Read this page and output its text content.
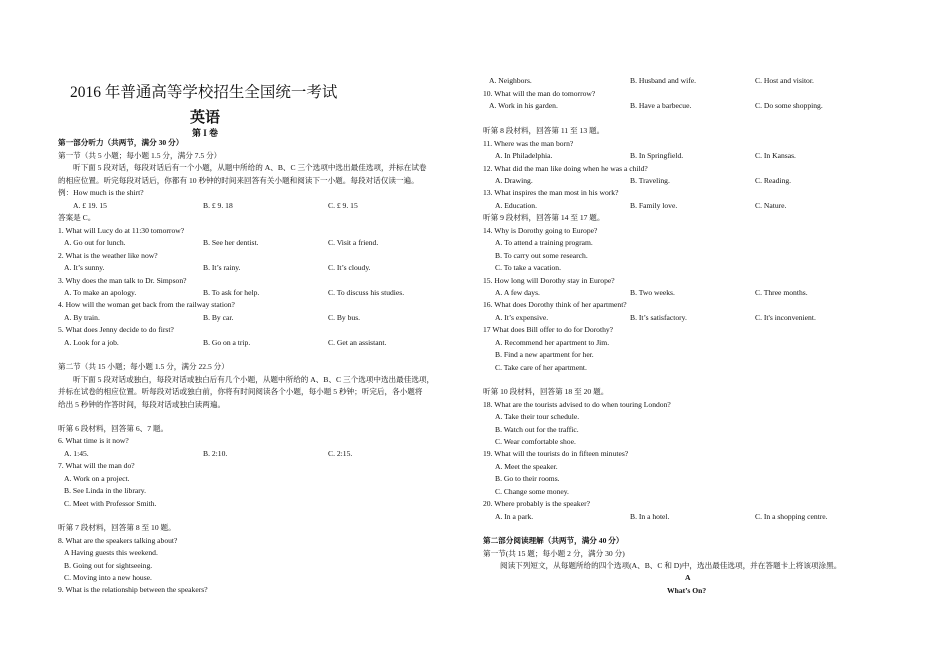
2016 年普通高等学校招生全国统一考试
英语
第 I 卷
第一部分听力（共两节，满分 30 分）
第一节（共 5 小题；每小题 1.5 分，满分 7.5 分）
听下面 5 段对话，每段对话后有一个小题，从题中所给的 A、B、C 三个选项中选出最佳选项，并标在试卷
的相应位置。听完每段对话后，你都有 10 秒钟的时间来回答有关小题和阅读下一小题。每段对话仅读一遍。
例：How much is the shirt?
A. £ 19. 15	B. £ 9. 18	C. £ 9. 15
答案是 C。
1. What will Lucy do at 11:30 tomorrow?
A. Go out for lunch.	B. See her dentist.	C. Visit a friend.
2. What is the weather like now?
A. It’s sunny.	B. It’s rainy.	C. It’s cloudy.
3. Why does the man talk to Dr. Simpson?
A. To make an apology.	B. To ask for help.	C. To discuss his studies.
4. How will the woman get back from the railway station?
A. By train.	B. By car.	C. By bus.
5. What does Jenny decide to do first?
A. Look for a job.	B. Go on a trip.	C. Get an assistant.
第二节（共 15 小题；每小题 1.5 分，满分 22.5 分）
听下面 5 段对话或独白，每段对话或独白后有几个小题，从题中所给的 A、B、C 三个选项中选出最佳选项，
并标在试卷的相应位置。听每段对话或独白前，你将有时间阅读各个小题，每小题 5 秒钟；听完后，各小题将
给出 5 秒钟的作答时间，每段对话或独白读两遍。
听第 6 段材料，回答第 6、7 题。
6. What time is it now?
A. 1:45.	B. 2:10.	C. 2:15.
7. What will the man do?
A. Work on a project.
B. See Linda in the library.
C. Meet with Professor Smith.
听第 7 段材料，回答第 8 至 10 题。
8. What are the speakers talking about?
A Having guests this weekend.
B. Going out for sightseeing.
C. Moving into a new house.
9. What is the relationship between the speakers?
A. Neighbors.	B. Husband and wife.	C. Host and visitor.
10. What will the man do tomorrow?
A. Work in his garden.	B. Have a barbecue.	C. Do some shopping.
听第 8 段材料，回答第 11 至 13 题。
11. Where was the man born?
A. In Philadelphia.	B. In Springfield.	C. In Kansas.
12. What did the man like doing when he was a child?
A. Drawing.	B. Traveling.	C. Reading.
13. What inspires the man most in his work?
A. Education.	B. Family love.	C. Nature.
听第 9 段材料，回答第 14 至 17 题。
14. Why is Dorothy going to Europe?
A. To attend a training program.
B. To carry out some research.
C. To take a vacation.
15. How long will Dorothy stay in Europe?
A. A few days.	B. Two weeks.	C. Three months.
16. What does Dorothy think of her apartment?
A. It’s expensive.	B. It’s satisfactory.	C. It's inconvenient.
17 What does Bill offer to do for Dorothy?
A. Recommend her apartment to Jim.
B. Find a new apartment for her.
C. Take care of her apartment.
听第 10 段材料，回答第 18 至 20 题。
18. What are the tourists advised to do when touring London?
A. Take their tour schedule.
B. Watch out for the traffic.
C. Wear comfortable shoe.
19. What will the tourists do in fifteen minutes?
A. Meet the speaker.
B. Go to their rooms.
C. Change some money.
20. Where probably is the speaker?
A. In a park.	B. In a hotel.	C. In a shopping centre.
第二部分阅读理解（共两节，满分 40 分）
第一节(共 15 题；每小题 2 分，满分 30 分)
阅读下列短文，从每题所给的四个选项(A、B、C 和 D)中，选出最佳选项，并在答题卡上将该项涂黑。
A
What’s On?
